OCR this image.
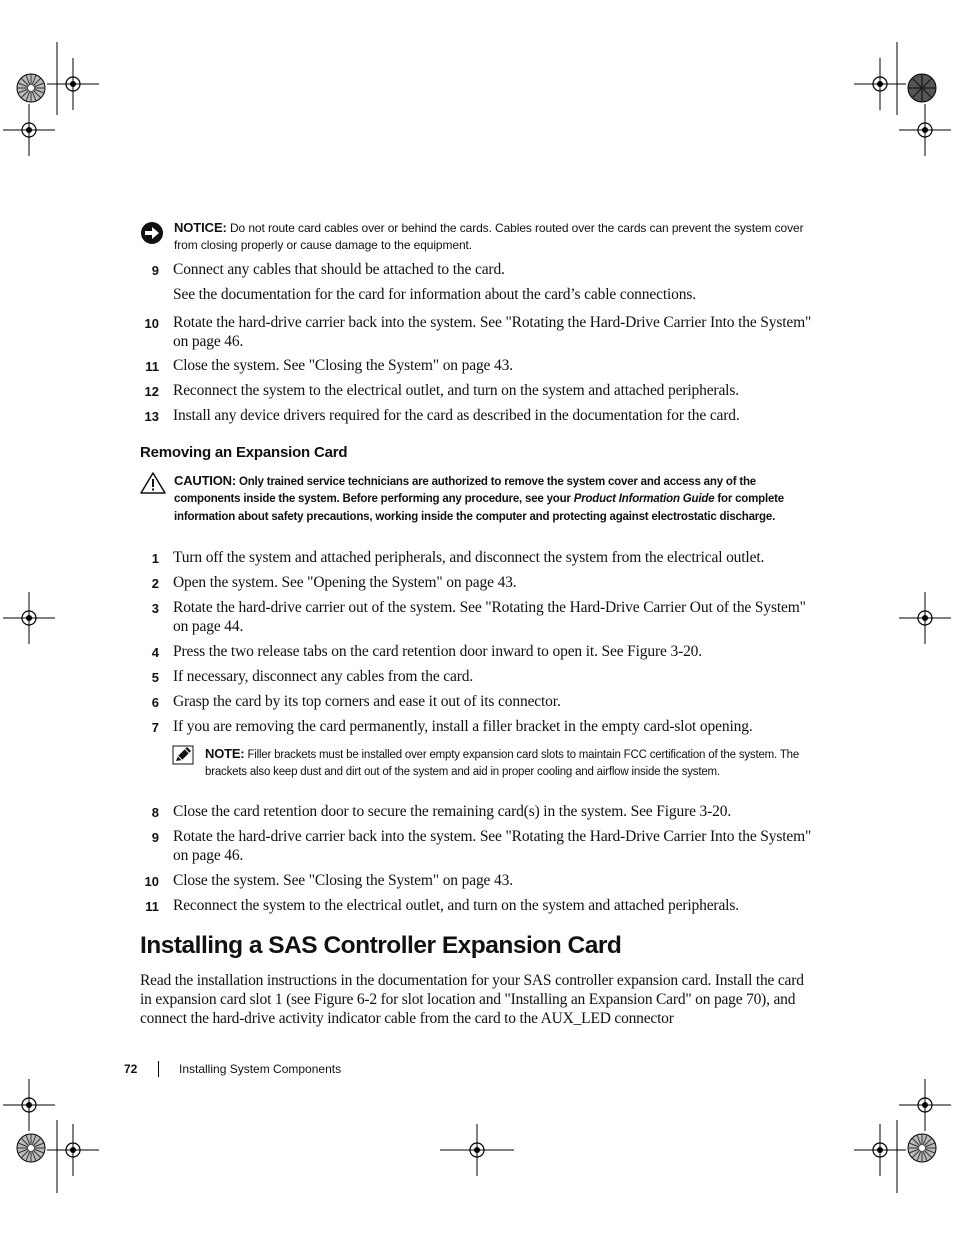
NOTICE: Do not route card cables over or behind the cards. Cables routed over the cards can prevent the system cover from closing properly or cause damage to the equipment.
9 Connect any cables that should be attached to the card.
See the documentation for the card for information about the card’s cable connections.
10 Rotate the hard-drive carrier back into the system. See "Rotating the Hard-Drive Carrier Into the System" on page 46.
11 Close the system. See "Closing the System" on page 43.
12 Reconnect the system to the electrical outlet, and turn on the system and attached peripherals.
13 Install any device drivers required for the card as described in the documentation for the card.
Removing an Expansion Card
CAUTION: Only trained service technicians are authorized to remove the system cover and access any of the components inside the system. Before performing any procedure, see your Product Information Guide for complete information about safety precautions, working inside the computer and protecting against electrostatic discharge.
1 Turn off the system and attached peripherals, and disconnect the system from the electrical outlet.
2 Open the system. See "Opening the System" on page 43.
3 Rotate the hard-drive carrier out of the system. See "Rotating the Hard-Drive Carrier Out of the System" on page 44.
4 Press the two release tabs on the card retention door inward to open it. See Figure 3-20.
5 If necessary, disconnect any cables from the card.
6 Grasp the card by its top corners and ease it out of its connector.
7 If you are removing the card permanently, install a filler bracket in the empty card-slot opening.
NOTE: Filler brackets must be installed over empty expansion card slots to maintain FCC certification of the system. The brackets also keep dust and dirt out of the system and aid in proper cooling and airflow inside the system.
8 Close the card retention door to secure the remaining card(s) in the system. See Figure 3-20.
9 Rotate the hard-drive carrier back into the system. See "Rotating the Hard-Drive Carrier Into the System" on page 46.
10 Close the system. See "Closing the System" on page 43.
11 Reconnect the system to the electrical outlet, and turn on the system and attached peripherals.
Installing a SAS Controller Expansion Card
Read the installation instructions in the documentation for your SAS controller expansion card. Install the card in expansion card slot 1 (see Figure 6-2 for slot location and "Installing an Expansion Card" on page 70), and connect the hard-drive activity indicator cable from the card to the AUX_LED connector
72	Installing System Components
